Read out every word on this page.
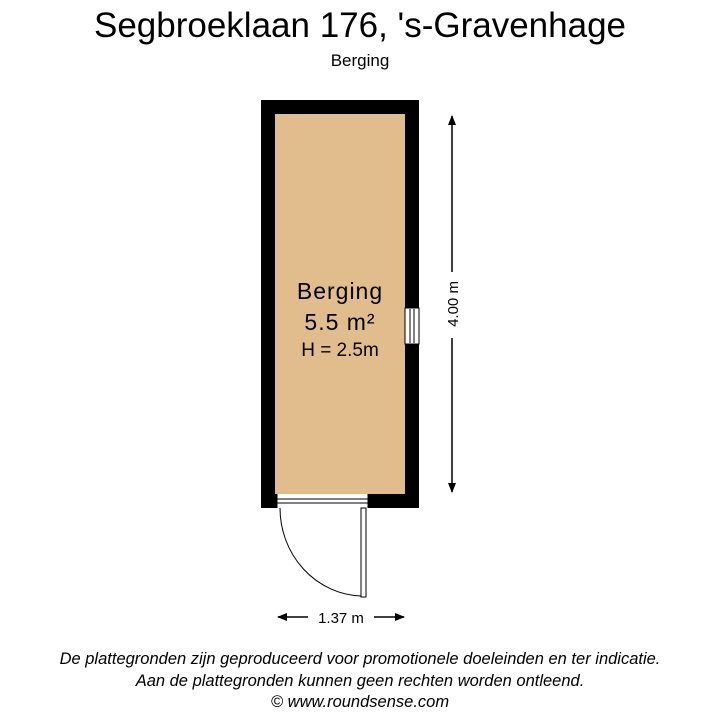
Segbroeklaan 176, 's-Gravenhage
Berging
Berging
5.5 m²
H = 2.5m
4.00 m
1.37 m
De plattegronden zijn geproduceerd voor promotionele doeleinden en ter indicatie.
Aan de plattegronden kunnen geen rechten worden ontleend.
© www.roundsense.com
